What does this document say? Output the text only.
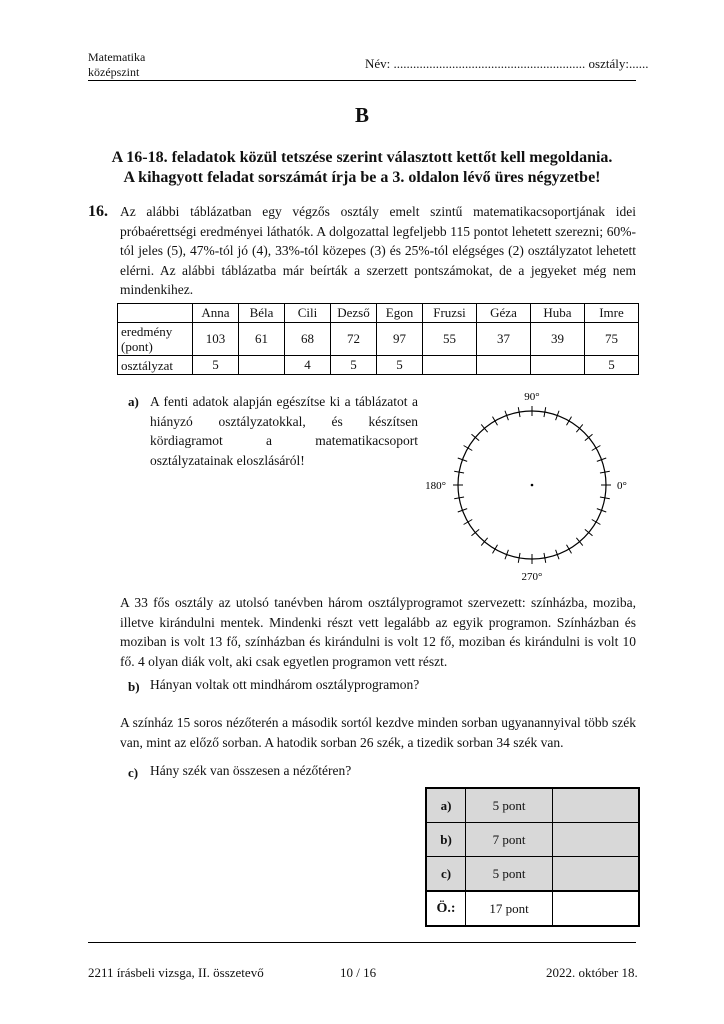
Matematika
középszint
Név: ........................................................... osztály:......
B
A 16-18. feladatok közül tetszése szerint választott kettőt kell megoldania.
A kihagyott feladat sorszámát írja be a 3. oldalon lévő üres négyzetbe!
16. Az alábbi táblázatban egy végzős osztály emelt szintű matematikacsoportjának idei próbaérettségi eredményei láthatók. A dolgozattal legfeljebb 115 pontot lehetett szerezni; 60%-tól jeles (5), 47%-tól jó (4), 33%-tól közepes (3) és 25%-tól elégséges (2) osztályzatot lehetett elérni. Az alábbi táblázatba már beírták a szerzett pontszámokat, de a jegyeket még nem mindenkihez.
	Anna	Béla	Cili	Dezső	Egon	Fruzsi	Géza	Huba	Imre

eredmény
(pont)	103	61	68	72	97	55	37	39	75
osztályzat	5		4	5	5				5
a) A fenti adatok alapján egészítse ki a táblázatot a hiányzó osztályzatokkal, és készítsen kördiagramot a matematikacsoport osztályzatainak eloszlásáról!
90°
180°	0°
270°
A 33 fős osztály az utolsó tanévben három osztályprogramot szervezett: színházba, moziba, illetve kirándulni mentek. Mindenki részt vett legalább az egyik programon. Színházban és moziban is volt 13 fő, színházban és kirándulni is volt 12 fő, moziban és kirándulni is volt 10 fő. 4 olyan diák volt, aki csak egyetlen programon vett részt.
b) Hányan voltak ott mindhárom osztályprogramon?
A színház 15 soros nézőterén a második sortól kezdve minden sorban ugyanannyival több szék van, mint az előző sorban. A hatodik sorban 26 szék, a tizedik sorban 34 szék van.
c) Hány szék van összesen a nézőtéren?
a)	5 pont	
b)	7 pont	
c)	5 pont	
Ö.:	17 pont	
2211 írásbeli vizsga, II. összetevő	10 / 16	2022. október 18.
